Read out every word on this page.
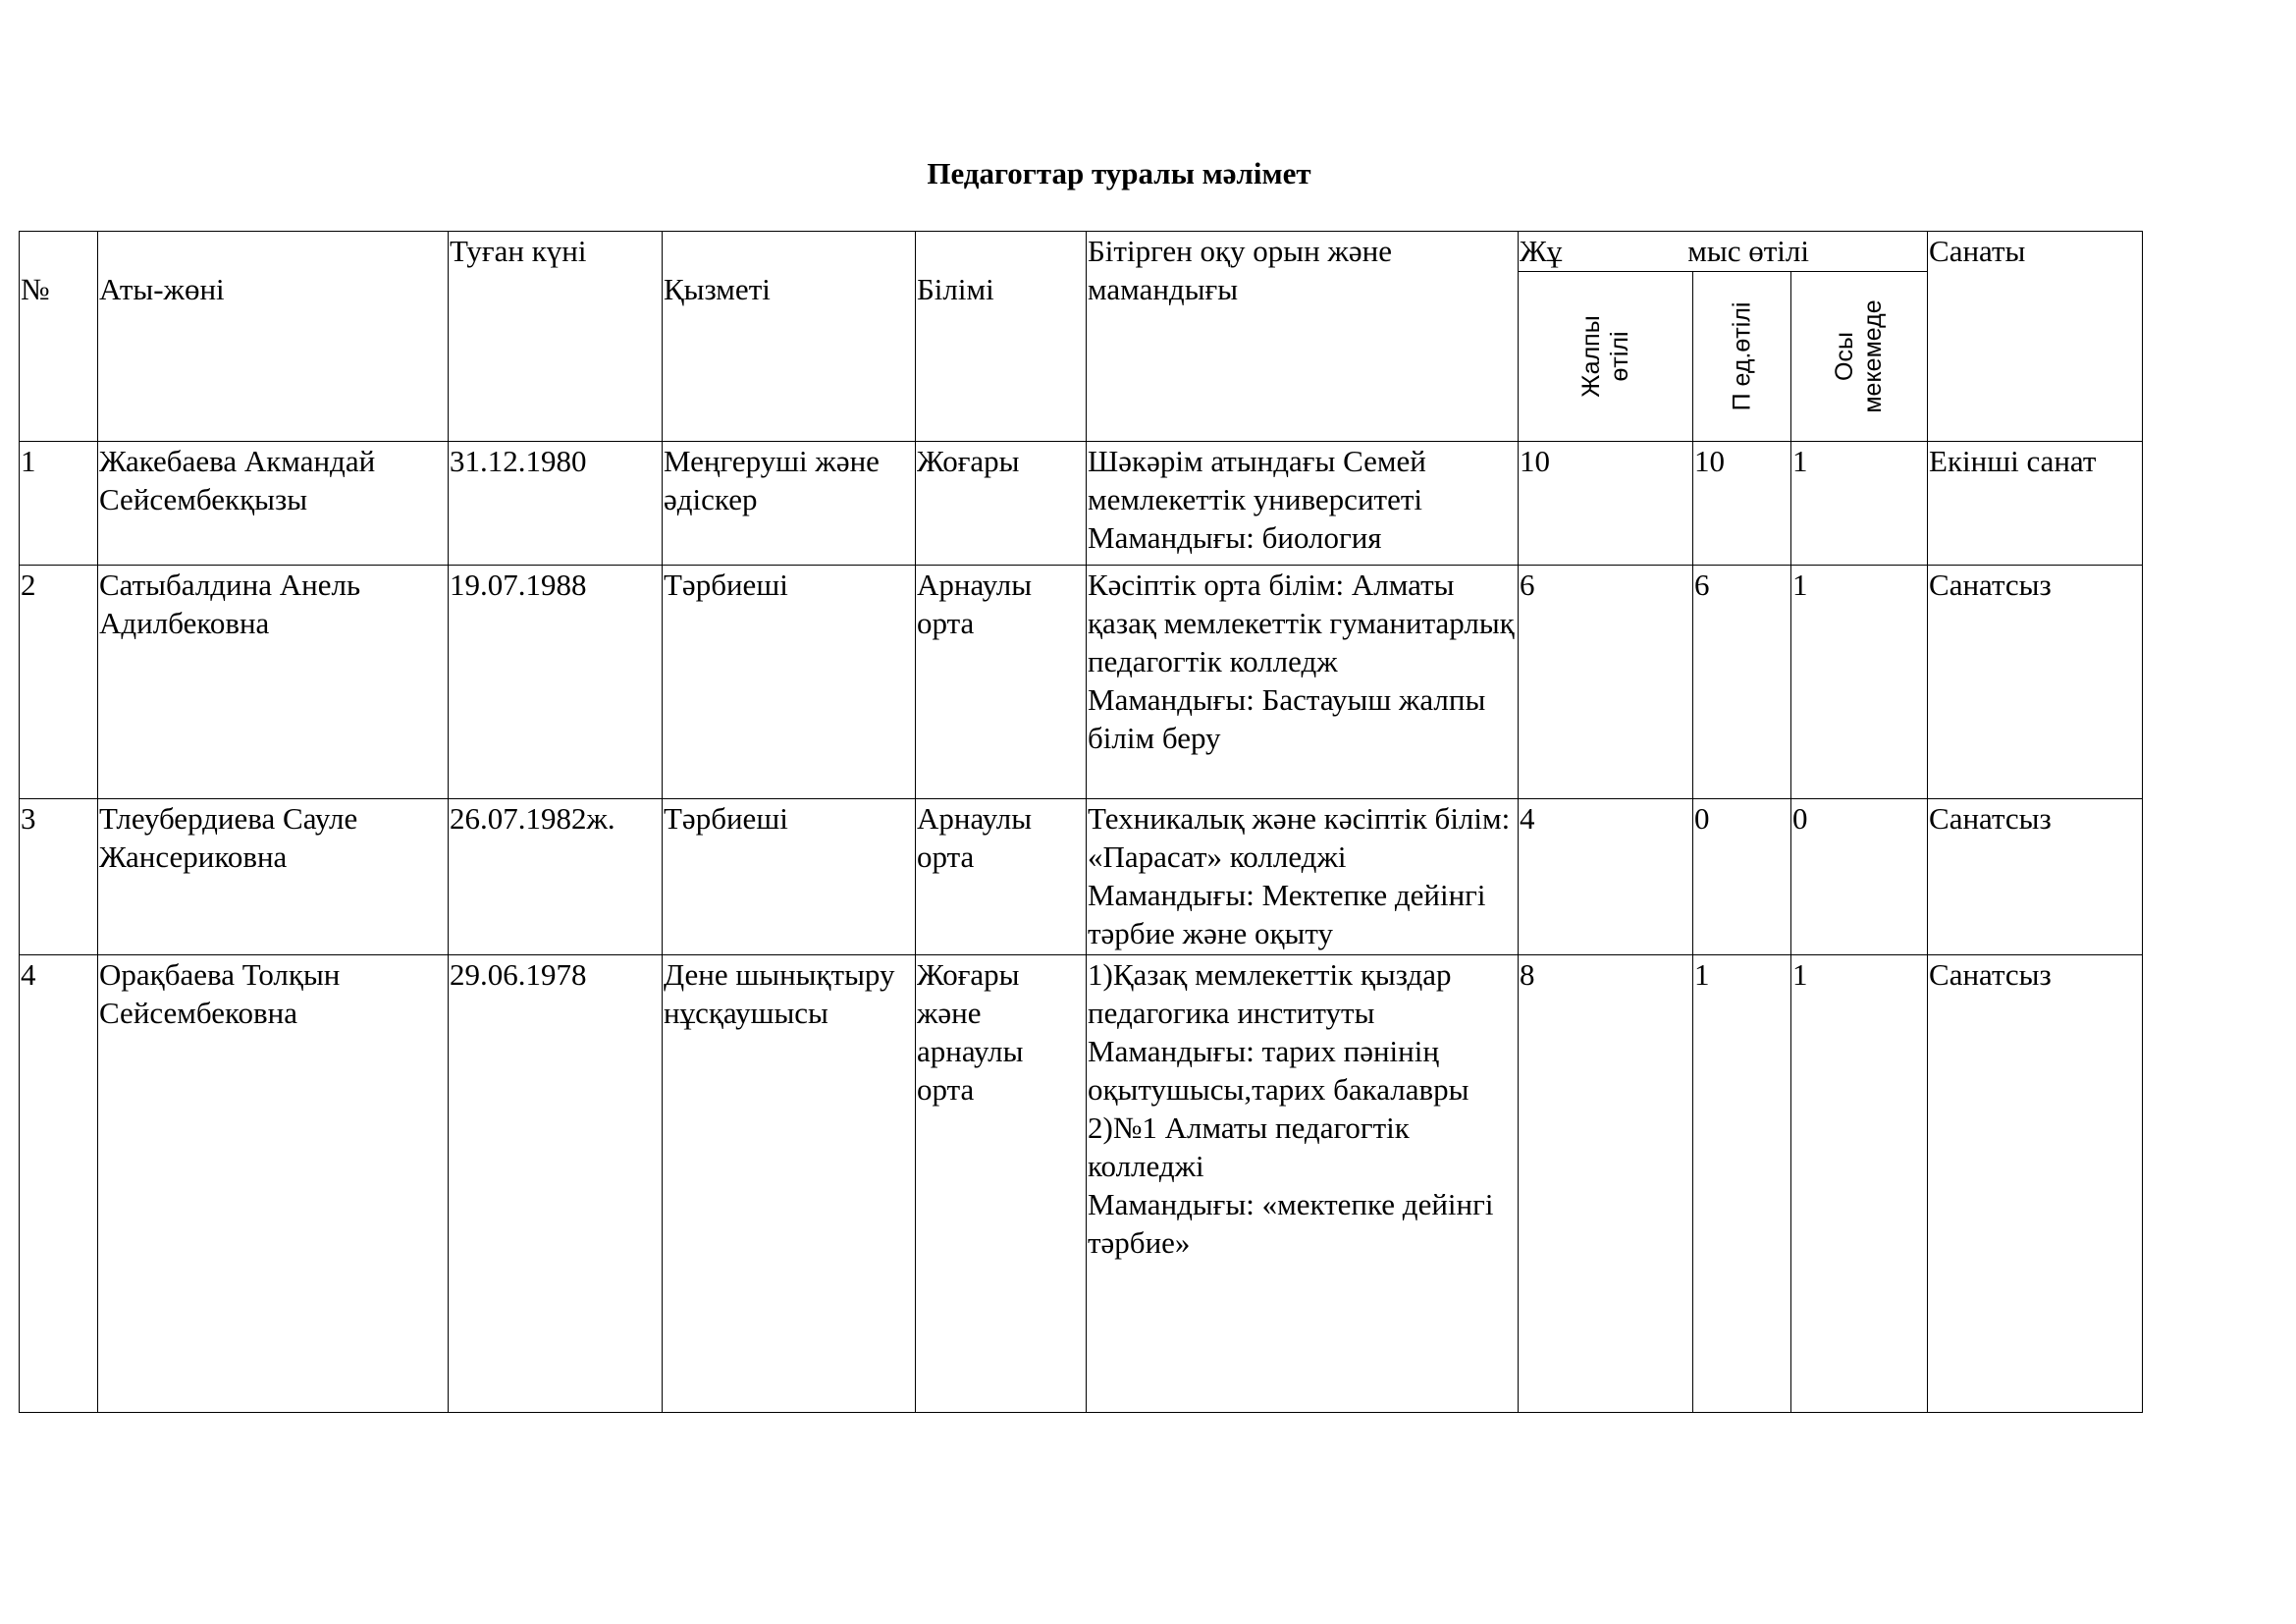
Педагогтар туралы мәлімет
№	Аты-жөні	Туған күні	Қызметі	Білімі	Бітірген оқу орын және мамандығы	Жұ мыс өтілі			Санаты

						Жалпы өтілі	П ед.өтілі	Осы мекемеде	

1	Жакебаева Акмандай Сейсембекқызы	31.12.1980	Меңгеруші және әдіскер	Жоғары	Шәкәрім атындағы Семей мемлекеттік университеті
Мамандығы: биология	10	10	1	Екінші санат
2	Сатыбалдина Анель Адилбековна	19.07.1988	Тәрбиеші	Арнаулы орта	Кәсіптік орта білім: Алматы қазақ мемлекеттік гуманитарлық педагогтік колледж
Мамандығы: Бастауыш жалпы білім беру	6	6	1	Санатсыз
3	Тлеубердиева Сауле Жансериковна	26.07.1982ж.	Тәрбиеші	Арнаулы орта	Техникалық және кәсіптік білім: «Парасат» колледжі
Мамандығы: Мектепке дейінгі тәрбие және оқыту	4	0	0	Санатсыз
4	Орақбаева Толқын Сейсембековна	29.06.1978	Дене шынықтыру нұсқаушысы	Жоғары және арнаулы орта	1)Қазақ мемлекеттік қыздар педагогика институты
Мамандығы: тарих пәнінің оқытушысы,тарих бакалавры
2)№1 Алматы педагогтік колледжі
Мамандығы: «мектепке дейінгі тәрбие»	8	1	1	Санатсыз
